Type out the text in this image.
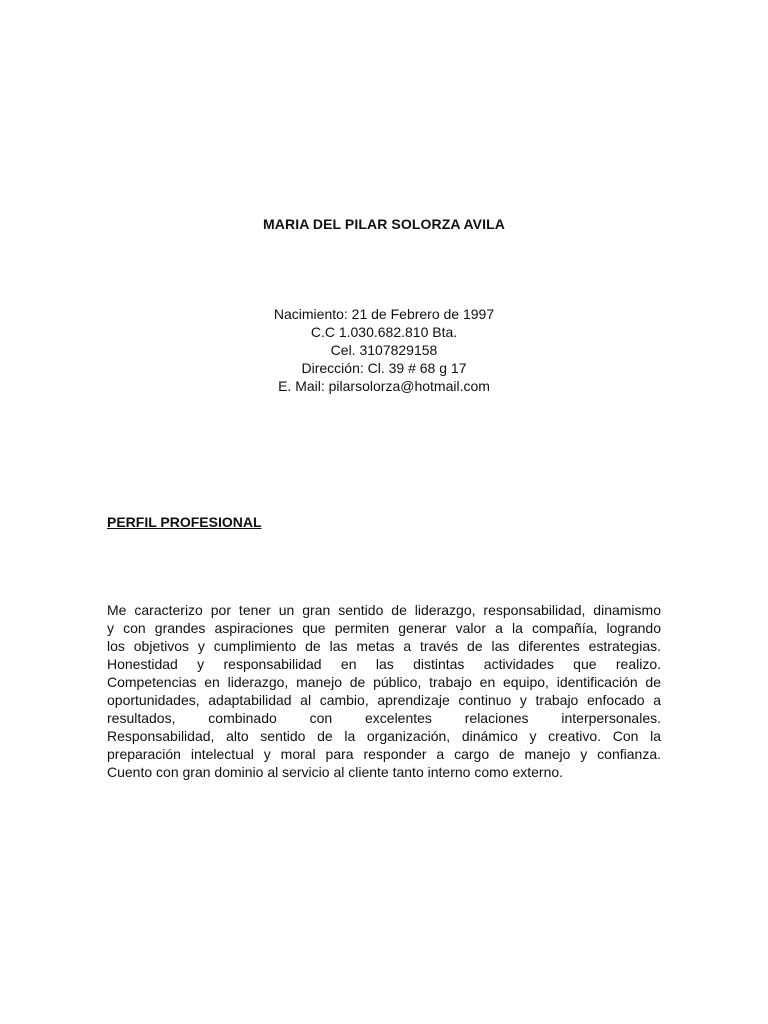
MARIA DEL PILAR SOLORZA AVILA
Nacimiento: 21 de Febrero de 1997
C.C 1.030.682.810 Bta.
Cel. 3107829158
Dirección: Cl. 39 # 68 g 17
E. Mail: pilarsolorza@hotmail.com
PERFIL PROFESIONAL
Me caracterizo por tener un gran sentido de liderazgo, responsabilidad, dinamismo
y con grandes aspiraciones que permiten generar valor a la compañía, logrando
los objetivos y cumplimiento de las metas a través de las diferentes estrategias.
Honestidad y responsabilidad en las distintas actividades que realizo.
Competencias en liderazgo, manejo de público, trabajo en equipo, identificación de
oportunidades, adaptabilidad al cambio, aprendizaje continuo y trabajo enfocado a
resultados, combinado con excelentes relaciones interpersonales.
Responsabilidad, alto sentido de la organización, dinámico y creativo. Con la
preparación intelectual y moral para responder a cargo de manejo y confianza.
Cuento con gran dominio al servicio al cliente tanto interno como externo.
